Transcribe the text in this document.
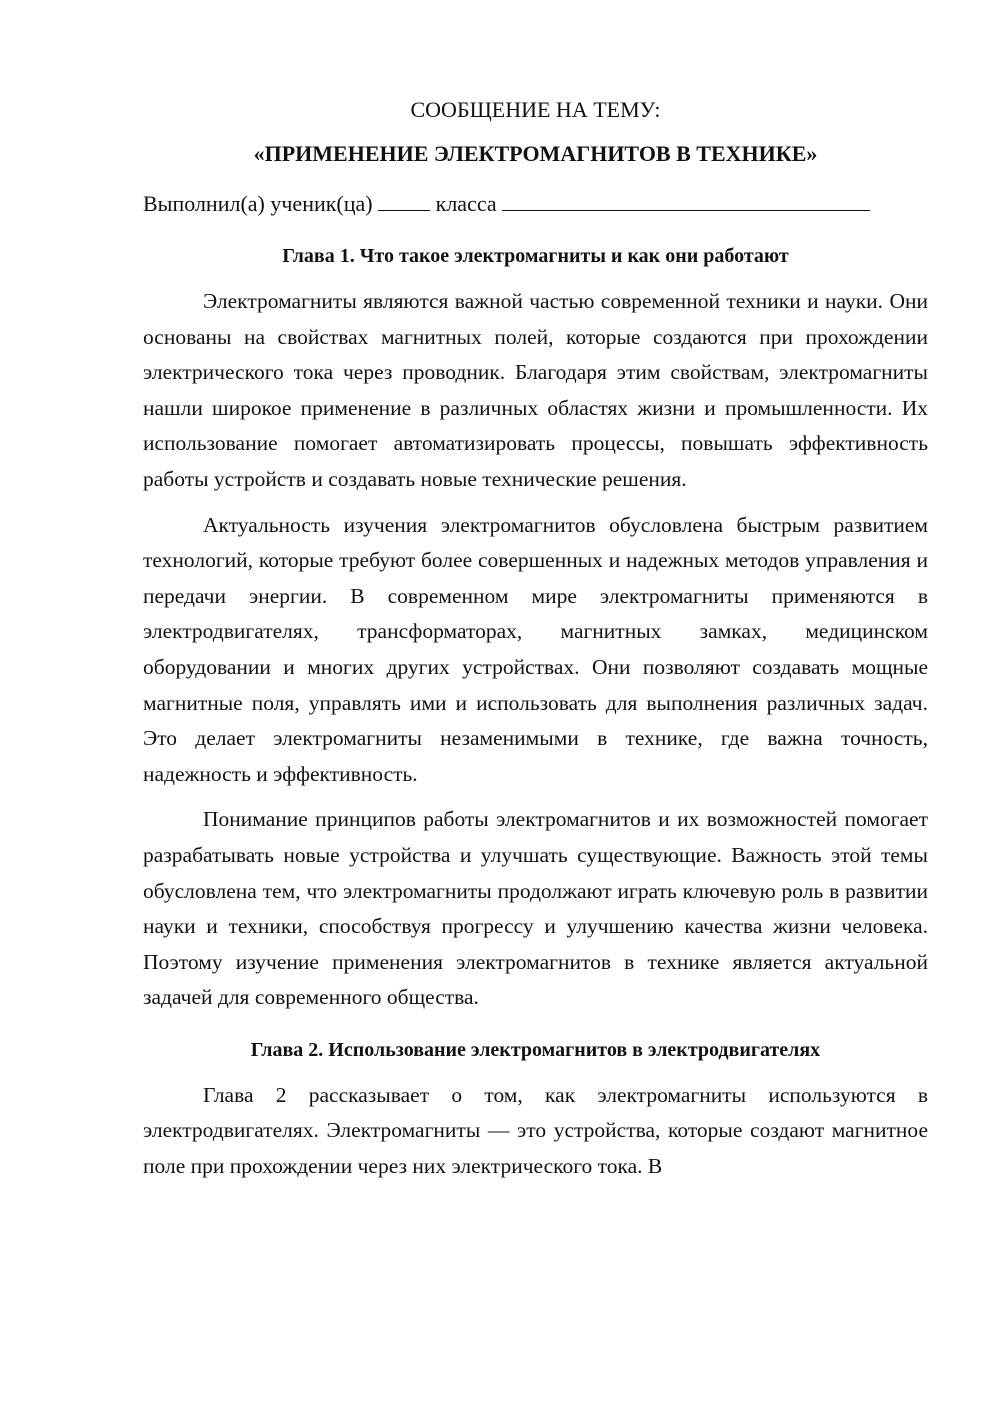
СООБЩЕНИЕ НА ТЕМУ:

«ПРИМЕНЕНИЕ ЭЛЕКТРОМАГНИТОВ В ТЕХНИКЕ»

Выполнил(а) ученик(ца)  класса

Глава 1. Что такое электромагниты и как они работают

Электромагниты являются важной частью современной техники и науки. Они основаны на свойствах магнитных полей, которые создаются при прохождении электрического тока через проводник. Благодаря этим свойствам, электромагниты нашли широкое применение в различных областях жизни и промышленности. Их использование помогает автоматизировать процессы, повышать эффективность работы устройств и создавать новые технические решения.

Актуальность изучения электромагнитов обусловлена быстрым развитием технологий, которые требуют более совершенных и надежных методов управления и передачи энергии. В современном мире электромагниты применяются в электродвигателях, трансформаторах, магнитных замках, медицинском оборудовании и многих других устройствах. Они позволяют создавать мощные магнитные поля, управлять ими и использовать для выполнения различных задач. Это делает электромагниты незаменимыми в технике, где важна точность, надежность и эффективность.

Понимание принципов работы электромагнитов и их возможностей помогает разрабатывать новые устройства и улучшать существующие. Важность этой темы обусловлена тем, что электромагниты продолжают играть ключевую роль в развитии науки и техники, способствуя прогрессу и улучшению качества жизни человека. Поэтому изучение применения электромагнитов в технике является актуальной задачей для современного общества.

Глава 2. Использование электромагнитов в электродвигателях

Глава 2 рассказывает о том, как электромагниты используются в электродвигателях. Электромагниты — это устройства, которые создают магнитное поле при прохождении через них электрического тока. В
